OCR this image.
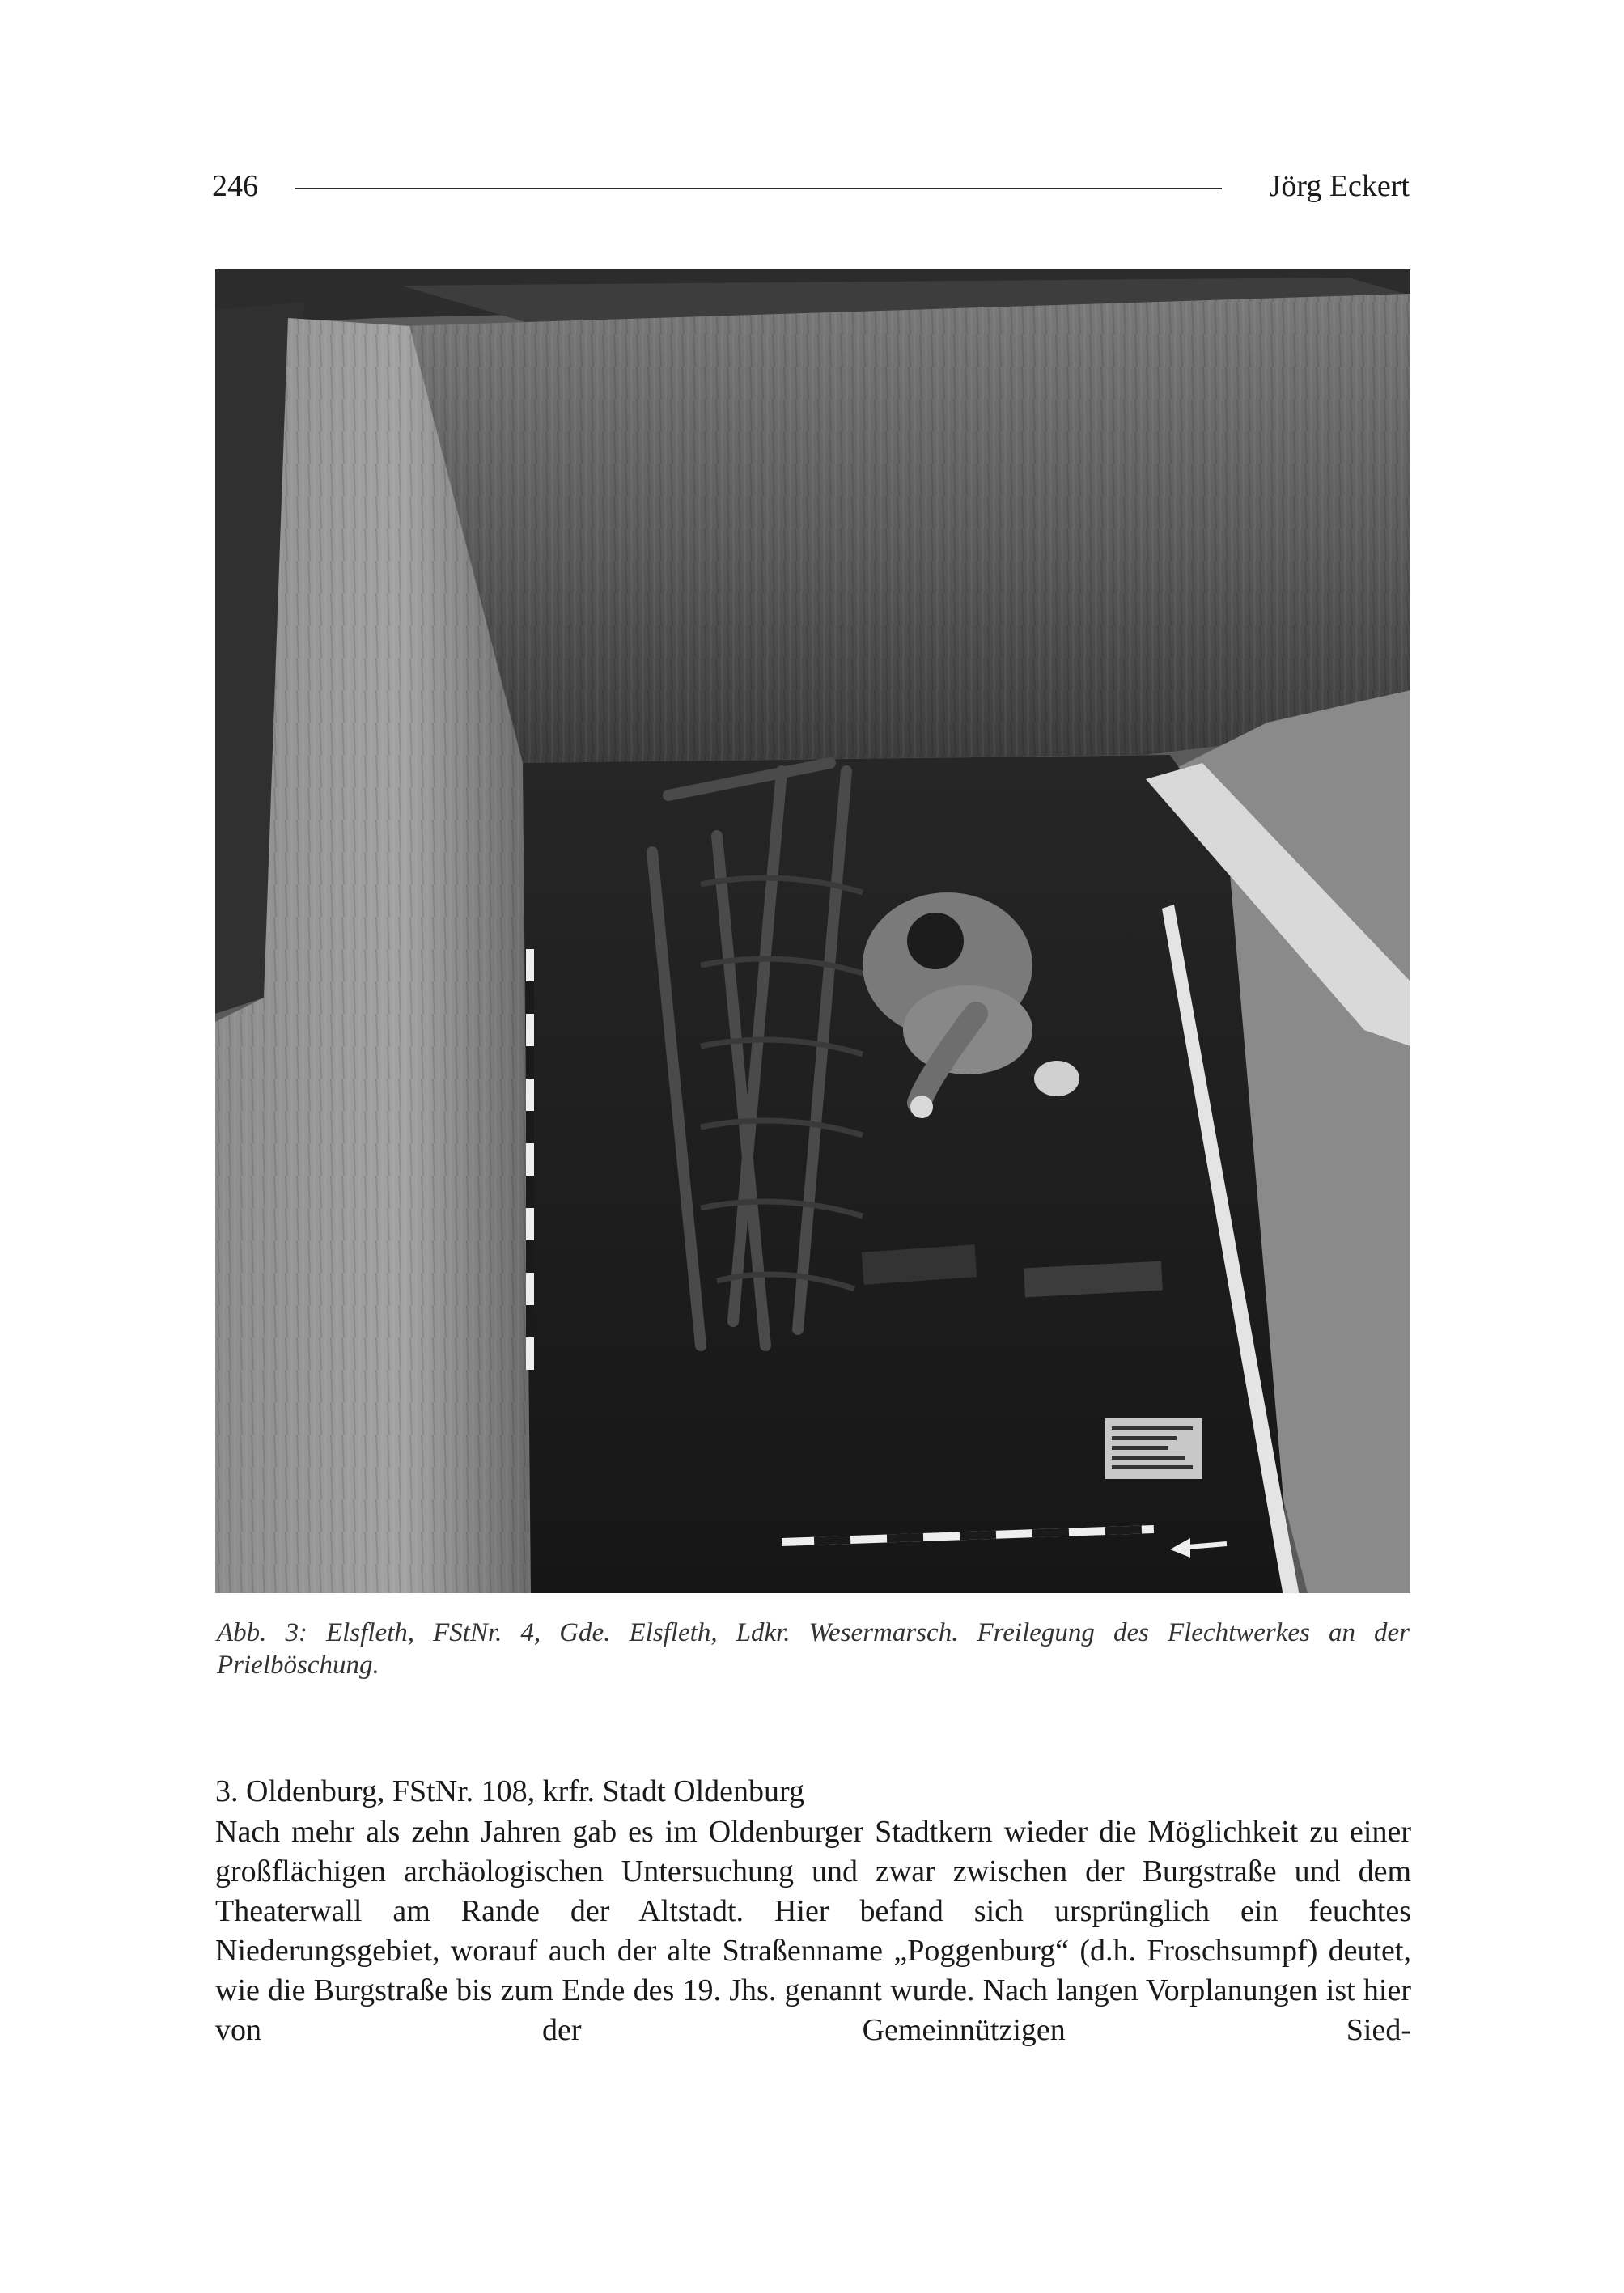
246	Jörg Eckert
Abb. 3: Elsfleth, FStNr. 4, Gde. Elsfleth, Ldkr. Wesermarsch. Freilegung des Flechtwerkes an der Prielböschung.
3. Oldenburg, FStNr. 108, krfr. Stadt Oldenburg
Nach mehr als zehn Jahren gab es im Oldenburger Stadtkern wieder die Möglichkeit zu einer großflächigen archäologischen Untersuchung und zwar zwischen der Burgstraße und dem Theaterwall am Rande der Altstadt. Hier befand sich ursprünglich ein feuchtes Niederungsgebiet, worauf auch der alte Straßenname „Poggenburg“ (d.h. Froschsumpf) deutet, wie die Burgstraße bis zum Ende des 19. Jhs. genannt wurde. Nach langen Vorplanungen ist hier von der Gemeinnützigen Sied-
